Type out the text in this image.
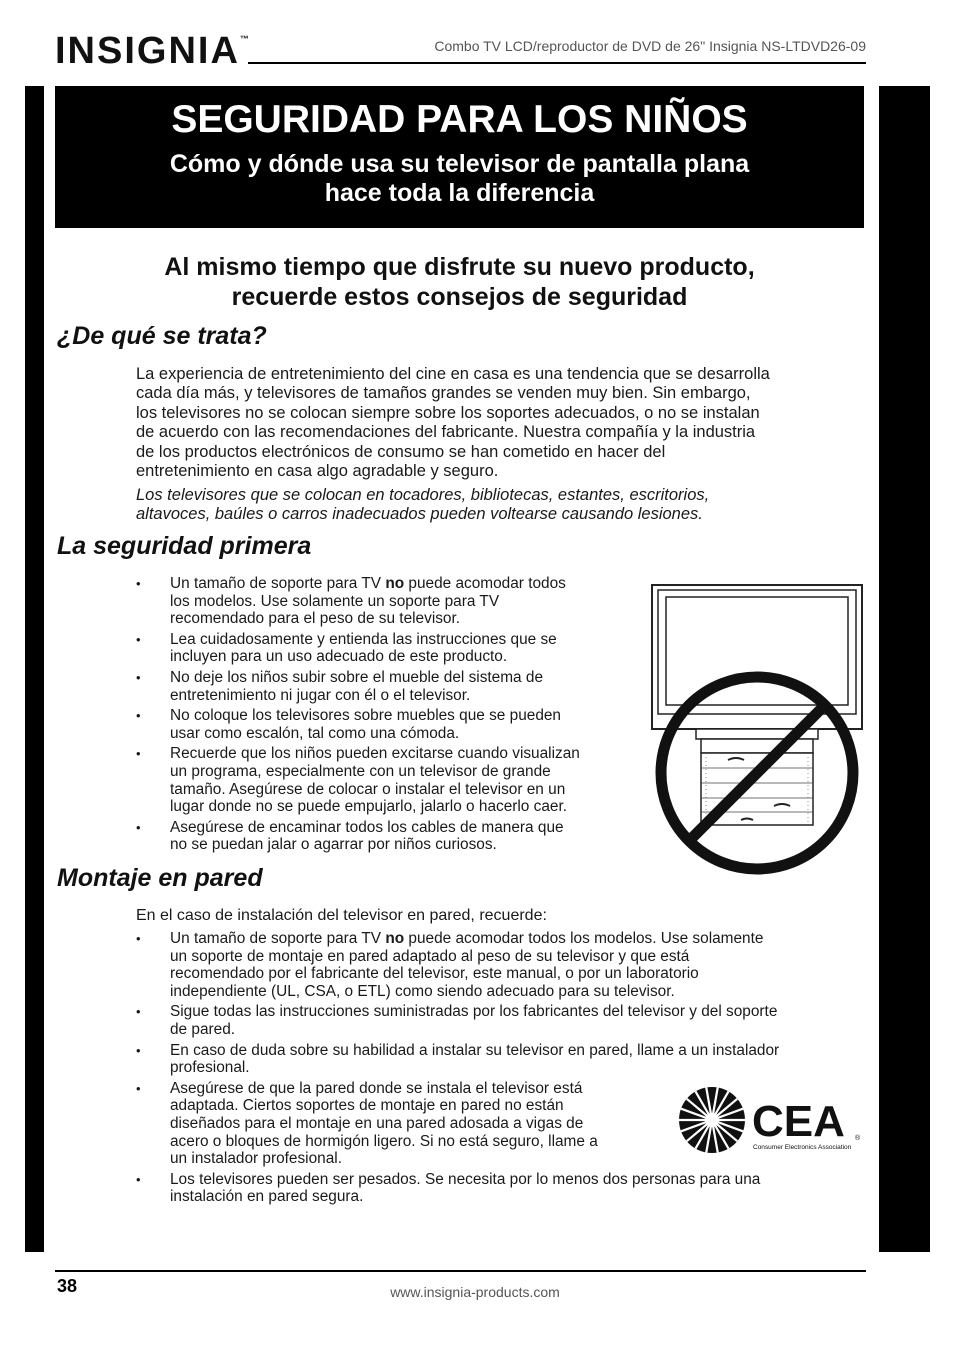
INSIGNIA™	Combo TV LCD/reproductor de DVD de 26" Insignia NS-LTDVD26-09
SEGURIDAD PARA LOS NIÑOS
Cómo y dónde usa su televisor de pantalla plana
hace toda la diferencia
Al mismo tiempo que disfrute su nuevo producto,
recuerde estos consejos de seguridad
¿De qué se trata?
La experiencia de entretenimiento del cine en casa es una tendencia que se desarrolla
cada día más, y televisores de tamaños grandes se venden muy bien. Sin embargo,
los televisores no se colocan siempre sobre los soportes adecuados, o no se instalan
de acuerdo con las recomendaciones del fabricante. Nuestra compañía y la industria
de los productos electrónicos de consumo se han cometido en hacer del
entretenimiento en casa algo agradable y seguro.
Los televisores que se colocan en tocadores, bibliotecas, estantes, escritorios,
altavoces, baúles o carros inadecuados pueden voltearse causando lesiones.
La seguridad primera
• Un tamaño de soporte para TV no puede acomodar todos
los modelos. Use solamente un soporte para TV
recomendado para el peso de su televisor.
• Lea cuidadosamente y entienda las instrucciones que se
incluyen para un uso adecuado de este producto.
• No deje los niños subir sobre el mueble del sistema de
entretenimiento ni jugar con él o el televisor.
• No coloque los televisores sobre muebles que se pueden
usar como escalón, tal como una cómoda.
• Recuerde que los niños pueden excitarse cuando visualizan
un programa, especialmente con un televisor de grande
tamaño. Asegúrese de colocar o instalar el televisor en un
lugar donde no se puede empujarlo, jalarlo o hacerlo caer.
• Asegúrese de encaminar todos los cables de manera que
no se puedan jalar o agarrar por niños curiosos.
Montaje en pared
En el caso de instalación del televisor en pared, recuerde:
• Un tamaño de soporte para TV no puede acomodar todos los modelos. Use solamente
un soporte de montaje en pared adaptado al peso de su televisor y que está
recomendado por el fabricante del televisor, este manual, o por un laboratorio
independiente (UL, CSA, o ETL) como siendo adecuado para su televisor.
• Sigue todas las instrucciones suministradas por los fabricantes del televisor y del soporte
de pared.
• En caso de duda sobre su habilidad a instalar su televisor en pared, llame a un instalador
profesional.
• Asegúrese de que la pared donde se instala el televisor está
adaptada. Ciertos soportes de montaje en pared no están
diseñados para el montaje en una pared adosada a vigas de
acero o bloques de hormigón ligero. Si no está seguro, llame a
un instalador profesional.
• Los televisores pueden ser pesados. Se necesita por lo menos dos personas para una
instalación en pared segura.
CEA ®
Consumer Electronics Association
38	www.insignia-products.com
